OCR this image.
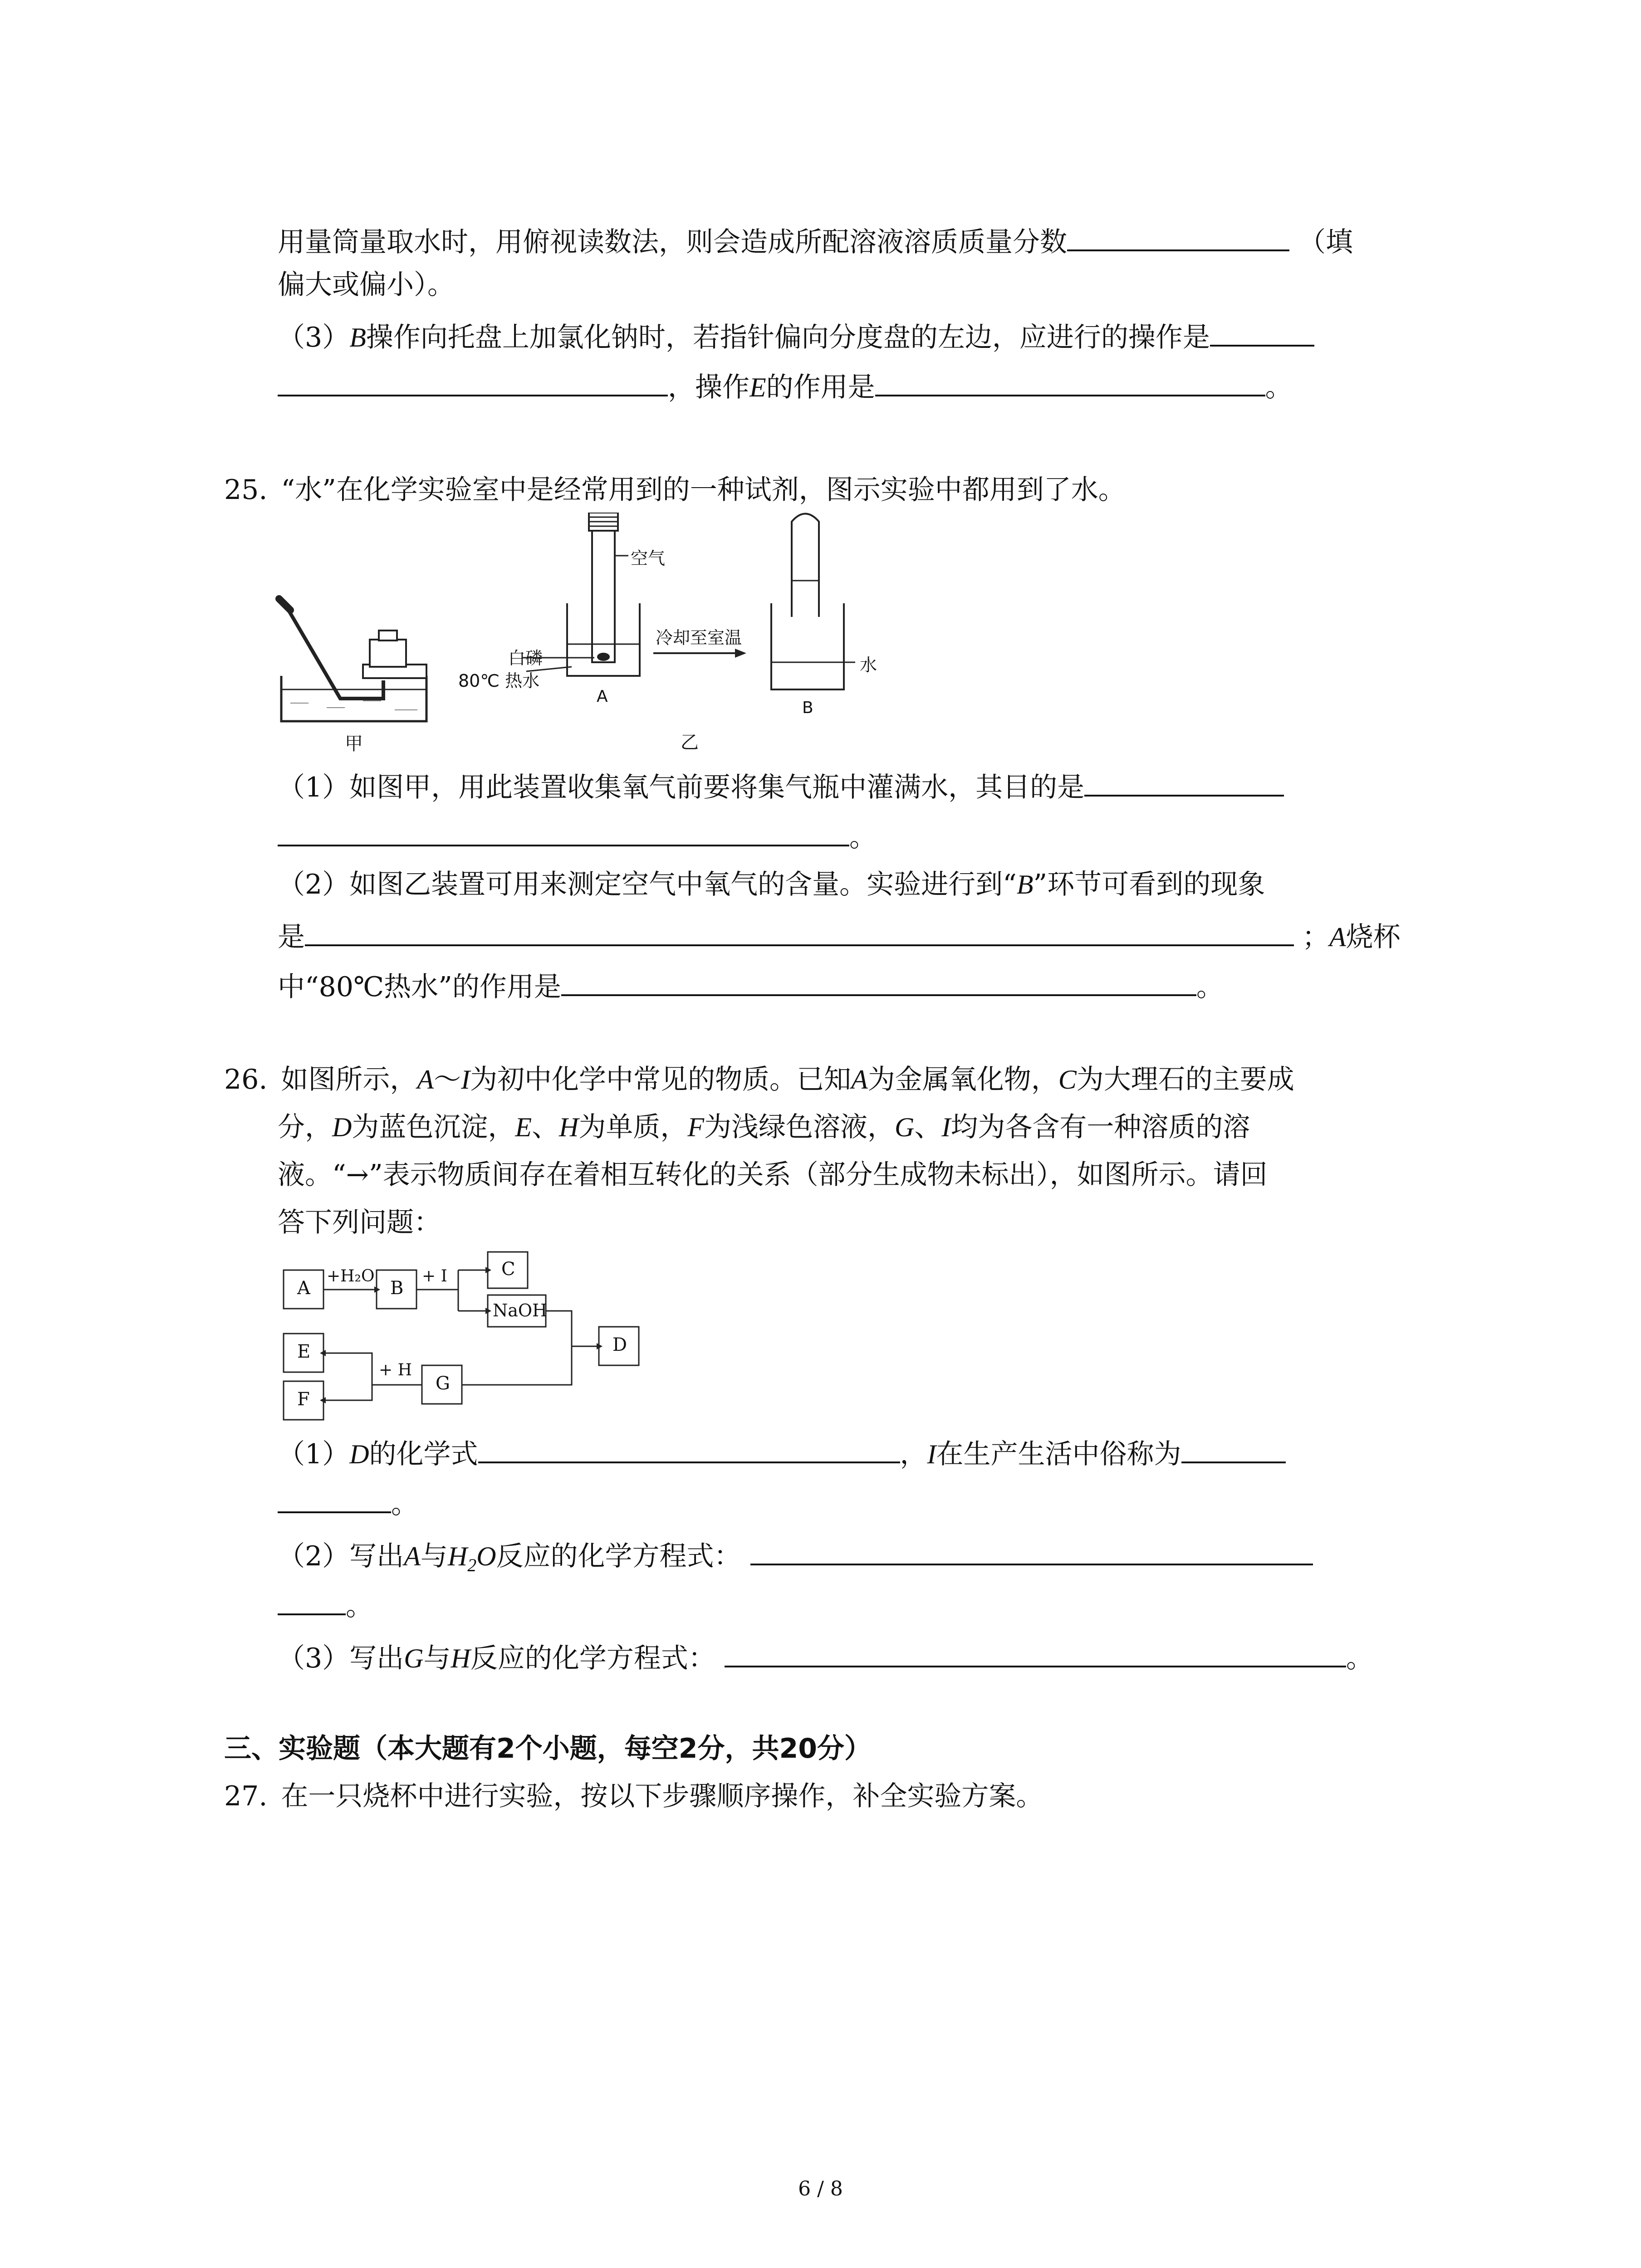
用量筒量取水时，用俯视读数法，则会造成所配溶液溶质质量分数	（填
偏大或偏小）。
（3）B操作向托盘上加氯化钠时，若指针偏向分度盘的左边，应进行的操作是
，操作E的作用是	。
25. “水”在化学实验室中是经常用到的一种试剂，图示实验中都用到了水。
甲
空气
白磷
80℃ 热水
冷却至室温
水
A
B
乙
（1）如图甲，用此装置收集氧气前要将集气瓶中灌满水，其目的是
。
（2）如图乙装置可用来测定空气中氧气的含量。实验进行到“B”环节可看到的现象
是	；A烧杯
中“80℃热水”的作用是	。
26. 如图所示，A～I为初中化学中常见的物质。已知A为金属氧化物，C为大理石的主要成
分，D为蓝色沉淀，E、H为单质，F为浅绿色溶液，G、I均为各含有一种溶质的溶
液。“→”表示物质间存在着相互转化的关系（部分生成物未标出），如图所示。请回
答下列问题：
A	B
C
NaOH
D
E
F
G
+H₂O	+ I
+ H
（1）D的化学式	，I在生产生活中俗称为
。
（2）写出A与$H_2O$反应的化学方程式：
。
（3）写出G与H反应的化学方程式：	。
三、实验题（本大题有2个小题，每空2分，共20分）
27. 在一只烧杯中进行实验，按以下步骤顺序操作，补全实验方案。
6 / 8
